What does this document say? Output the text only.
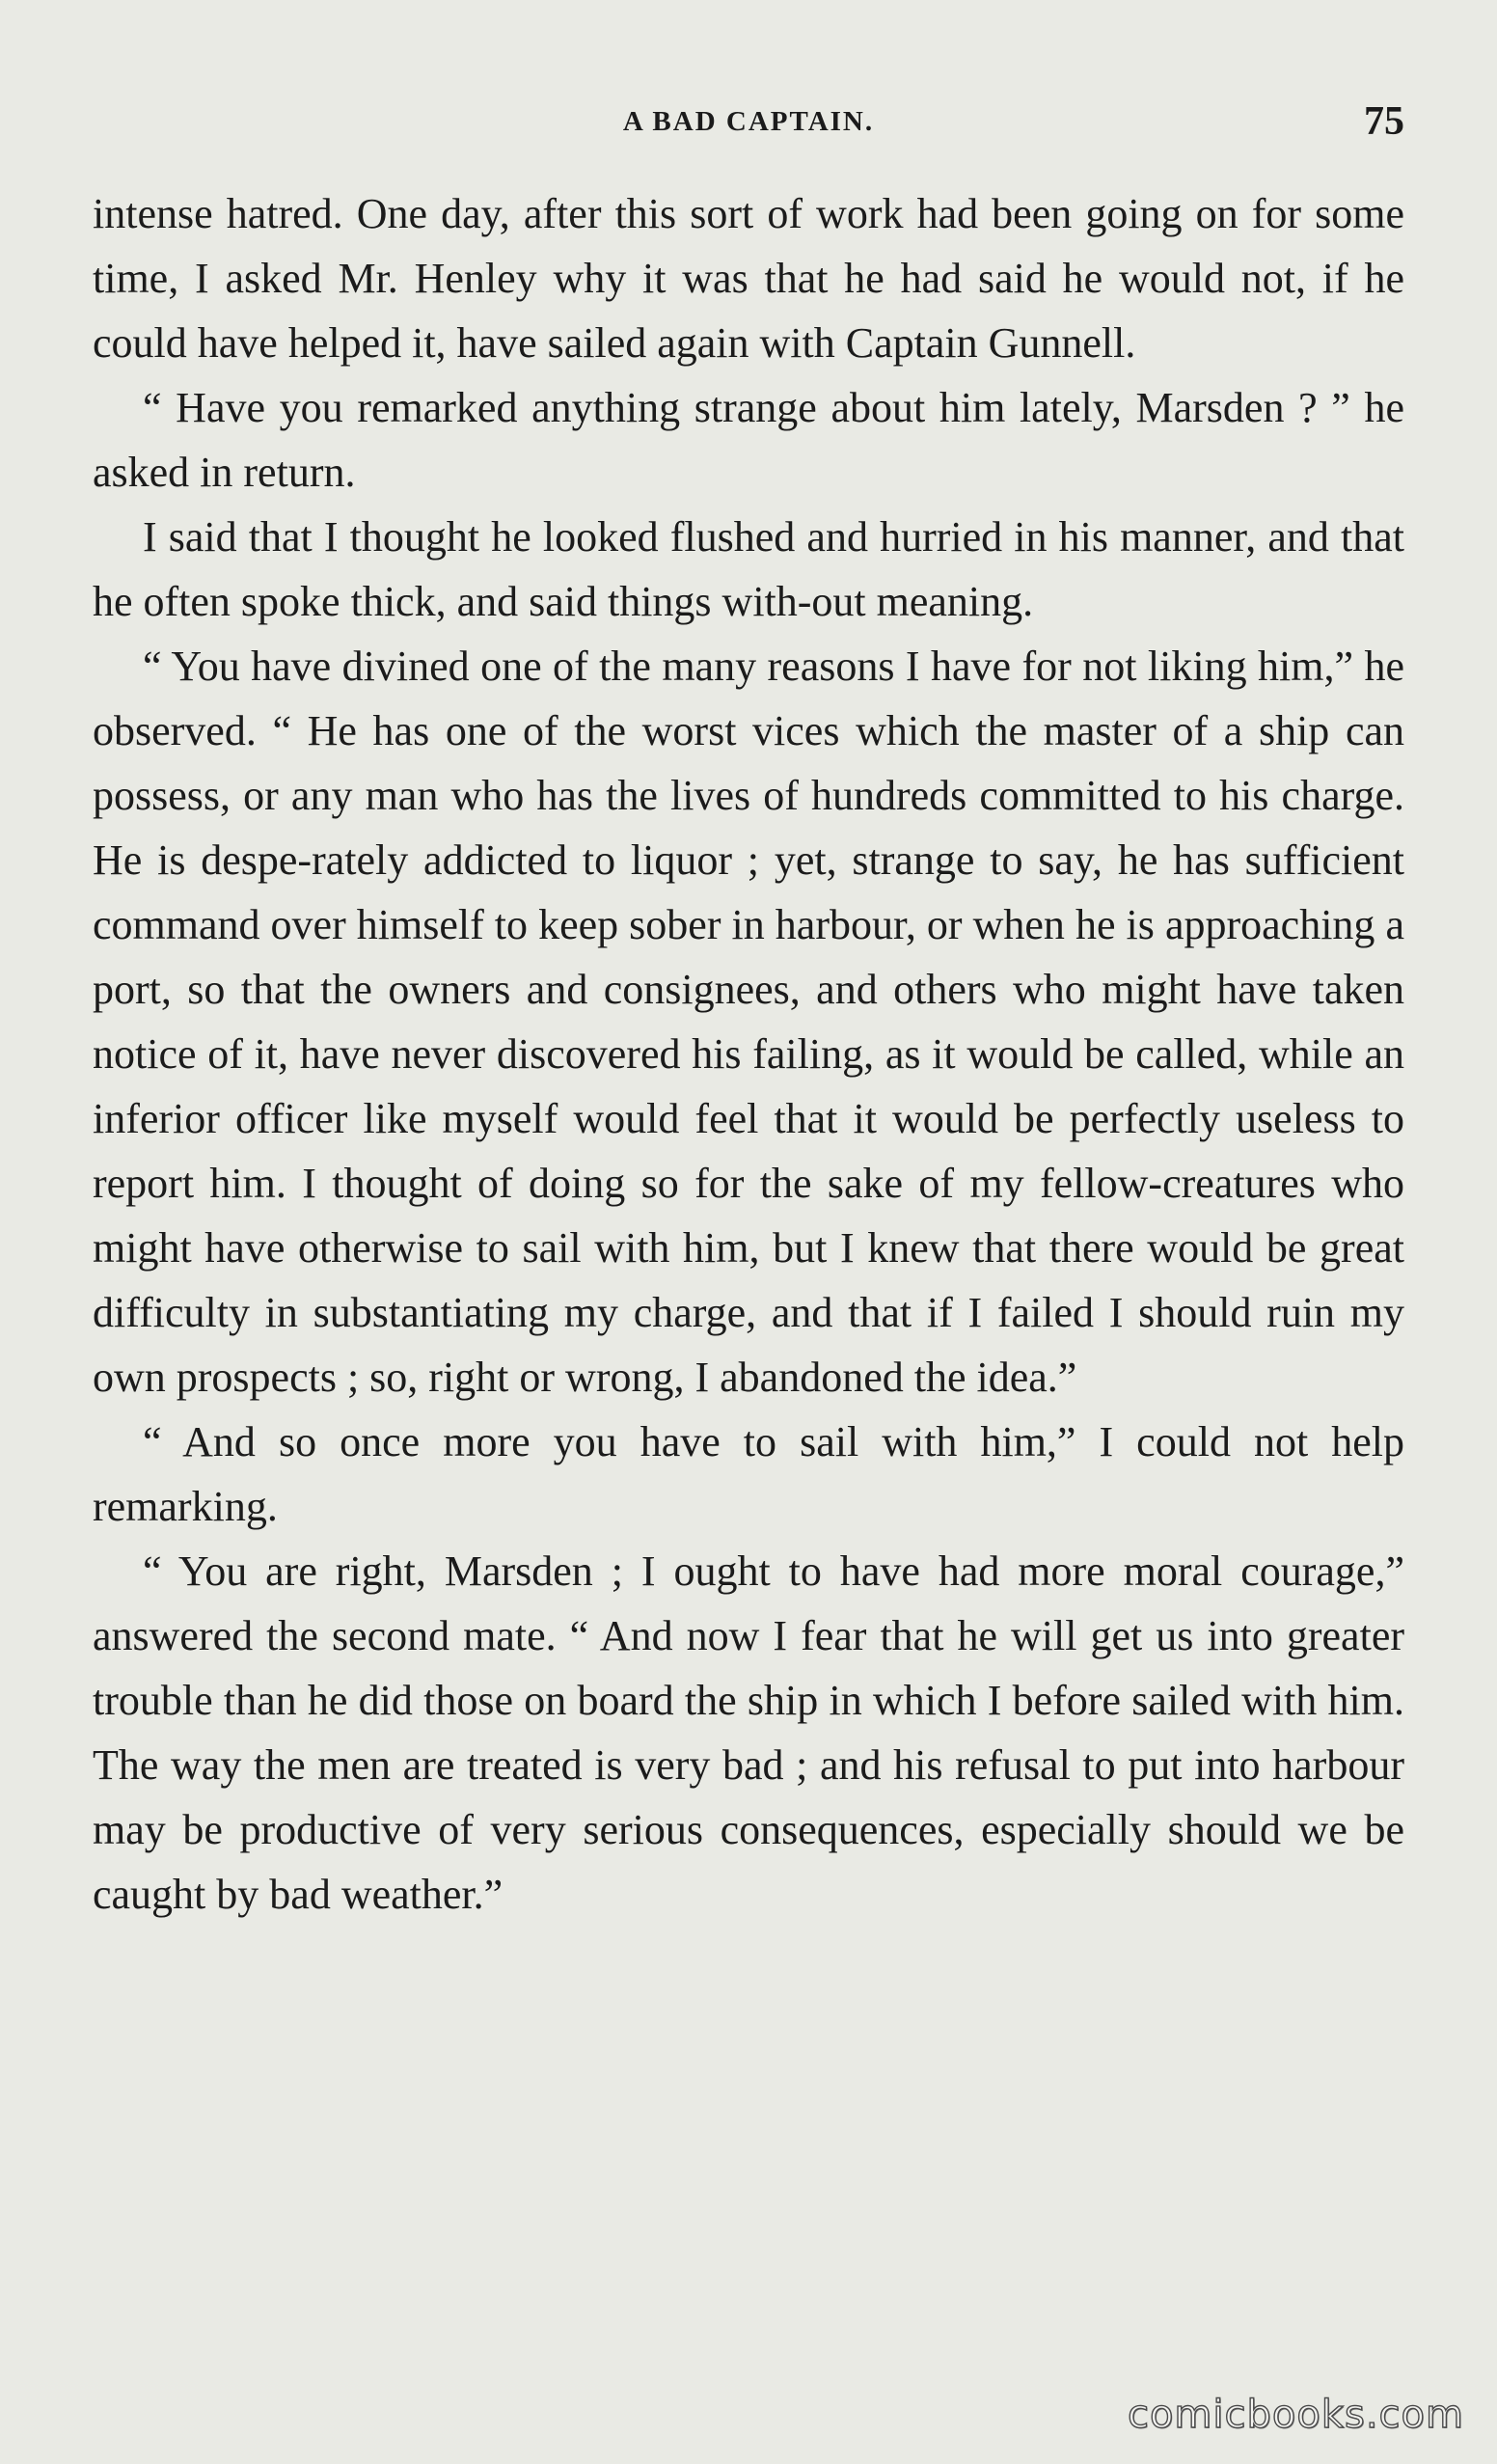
A BAD CAPTAIN.	75

intense hatred. One day, after this sort of work had been going on for some time, I asked Mr. Henley why it was that he had said he would not, if he could have helped it, have sailed again with Captain Gunnell.

“ Have you remarked anything strange about him lately, Marsden ? ” he asked in return.

I said that I thought he looked flushed and hurried in his manner, and that he often spoke thick, and said things with-out meaning.

“ You have divined one of the many reasons I have for not liking him,” he observed. “ He has one of the worst vices which the master of a ship can possess, or any man who has the lives of hundreds committed to his charge. He is despe-rately addicted to liquor ; yet, strange to say, he has sufficient command over himself to keep sober in harbour, or when he is approaching a port, so that the owners and consignees, and others who might have taken notice of it, have never discovered his failing, as it would be called, while an inferior officer like myself would feel that it would be perfectly useless to report him. I thought of doing so for the sake of my fellow-creatures who might have otherwise to sail with him, but I knew that there would be great difficulty in substantiating my charge, and that if I failed I should ruin my own prospects ; so, right or wrong, I abandoned the idea.”

“ And so once more you have to sail with him,” I could not help remarking.

“ You are right, Marsden ; I ought to have had more moral courage,” answered the second mate. “ And now I fear that he will get us into greater trouble than he did those on board the ship in which I before sailed with him. The way the men are treated is very bad ; and his refusal to put into harbour may be productive of very serious consequences, especially should we be caught by bad weather.”

comicbooks.com
